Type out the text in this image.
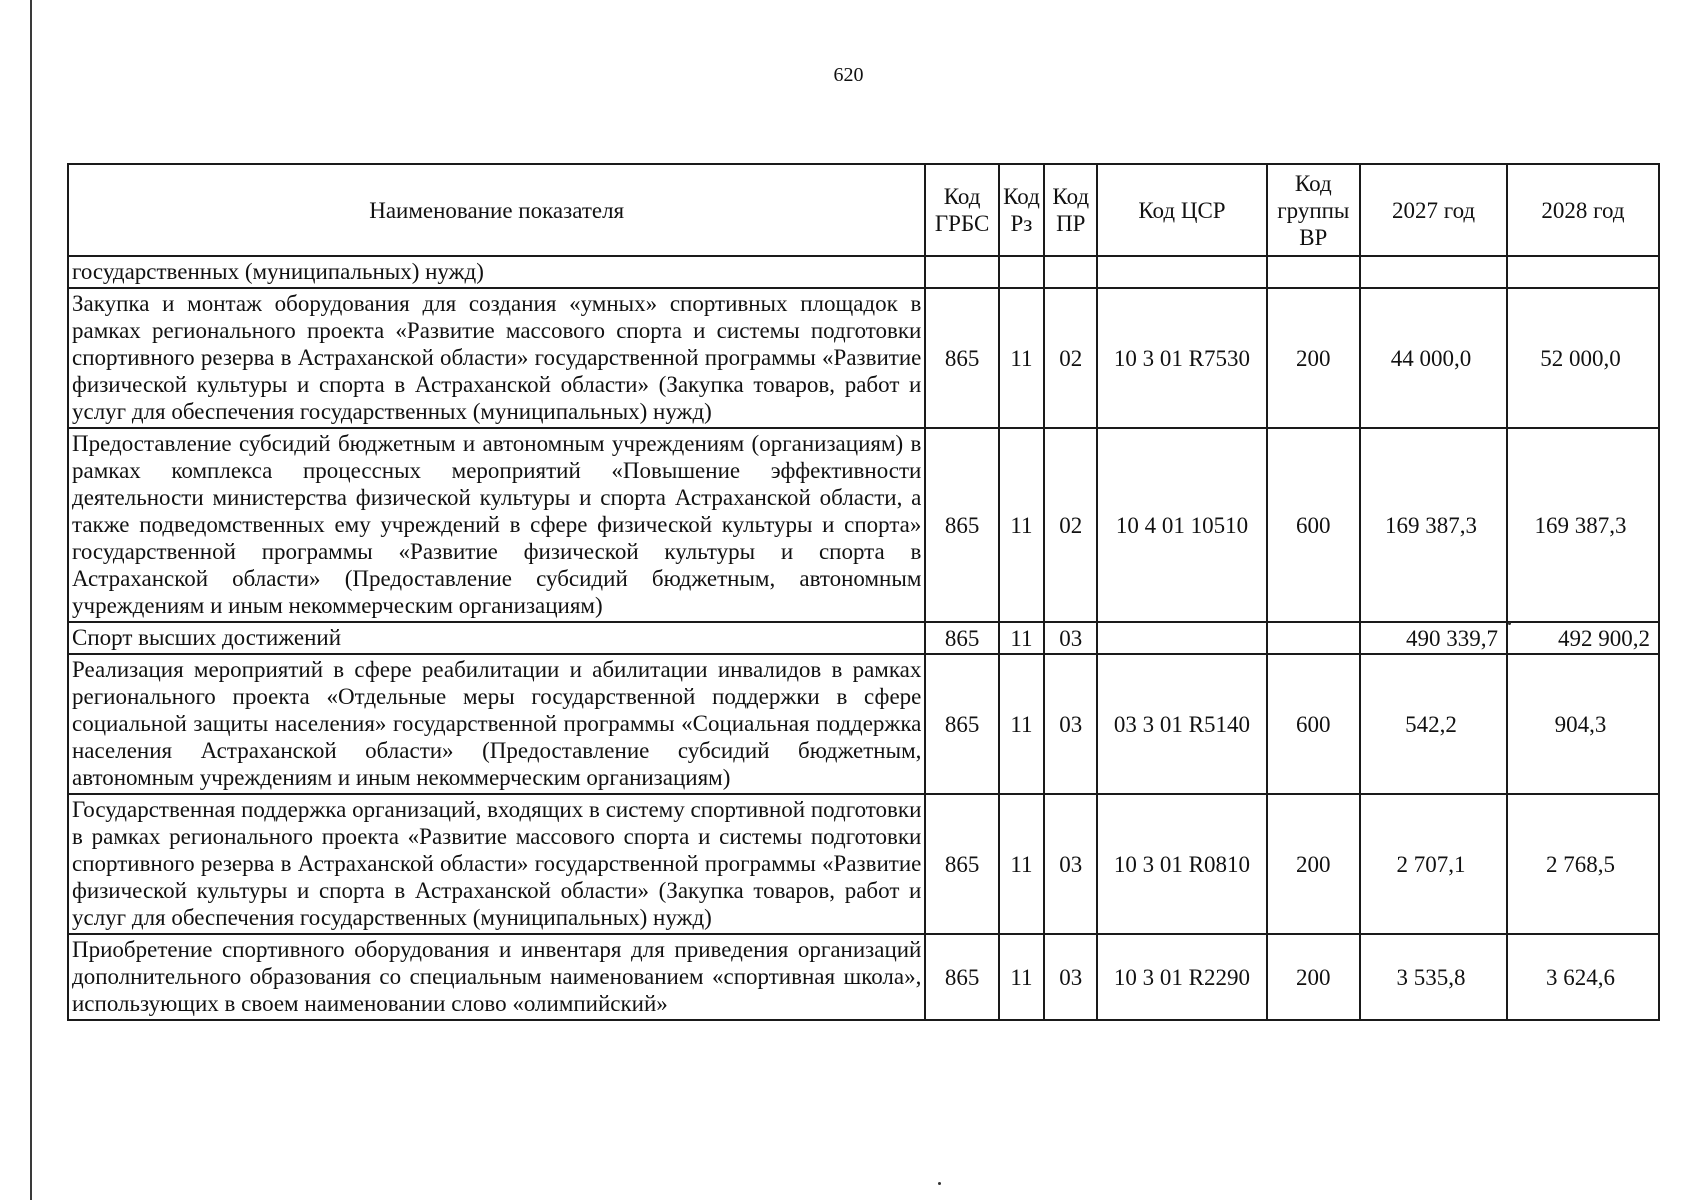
620
Наименование показателя	Код ГРБС	Код Рз	Код ПР	Код ЦСР	Код группы ВР	2027 год	2028 год
государственных (муниципальных) нужд)							
Закупка и монтаж оборудования для создания «умных» спортивных площадок в рамках регионального проекта «Развитие массового спорта и системы подготовки спортивного резерва в Астраханской области» государственной программы «Развитие физической культуры и спорта в Астраханской области» (Закупка товаров, работ и услуг для обеспечения государственных (муниципальных) нужд)	865	11	02	10 3 01 R7530	200	44 000,0	52 000,0
Предоставление субсидий бюджетным и автономным учреждениям (организациям) в рамках комплекса процессных мероприятий «Повышение эффективности деятельности министерства физической культуры и спорта Астраханской области, а также подведомственных ему учреждений в сфере физической культуры и спорта» государственной программы «Развитие физической культуры и спорта в Астраханской области» (Предоставление субсидий бюджетным, автономным учреждениям и иным некоммерческим организациям)	865	11	02	10 4 01 10510	600	169 387,3	169 387,3
Спорт высших достижений	865	11	03			490 339,7	492 900,2
Реализация мероприятий в сфере реабилитации и абилитации инвалидов в рамках регионального проекта «Отдельные меры государственной поддержки в сфере социальной защиты населения» государственной программы «Социальная поддержка населения Астраханской области» (Предоставление субсидий бюджетным, автономным учреждениям и иным некоммерческим организациям)	865	11	03	03 3 01 R5140	600	542,2	904,3
Государственная поддержка организаций, входящих в систему спортивной подготовки в рамках регионального проекта «Развитие массового спорта и системы подготовки спортивного резерва в Астраханской области» государственной программы «Развитие физической культуры и спорта в Астраханской области» (Закупка товаров, работ и услуг для обеспечения государственных (муниципальных) нужд)	865	11	03	10 3 01 R0810	200	2 707,1	2 768,5
Приобретение спортивного оборудования и инвентаря для приведения организаций дополнительного образования со специальным наименованием «спортивная школа», использующих в своем наименовании слово «олимпийский»	865	11	03	10 3 01 R2290	200	3 535,8	3 624,6
